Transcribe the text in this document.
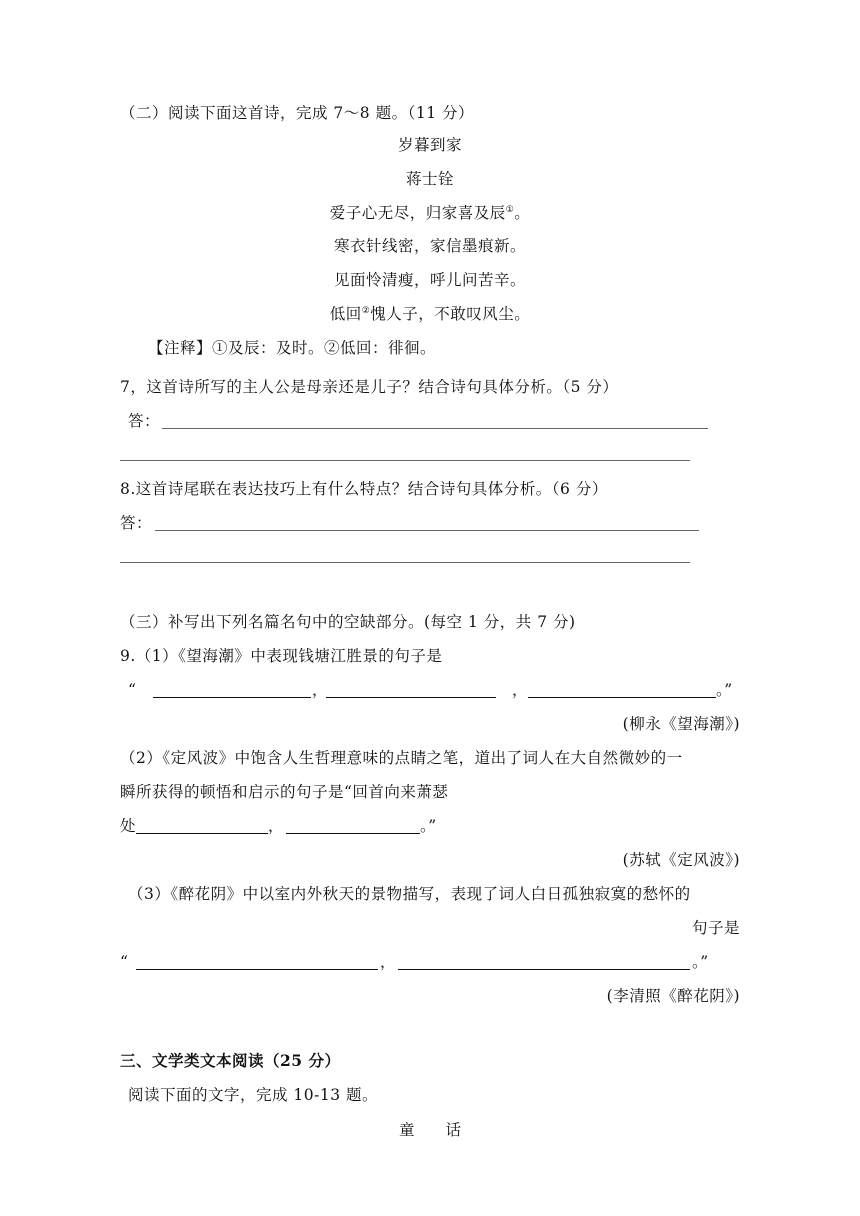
（二）阅读下面这首诗，完成 7～8 题。（11 分）
岁暮到家
蒋士铨
爱子心无尽，归家喜及辰①。
寒衣针线密，家信墨痕新。
见面怜清瘦，呼儿问苦辛。
低回②愧人子，不敢叹风尘。
【注释】①及辰：及时。②低回：徘徊。
7，这首诗所写的主人公是母亲还是儿子？结合诗句具体分析。（5 分）
答：
8.这首诗尾联在表达技巧上有什么特点？结合诗句具体分析。（6 分）
答：
（三）补写出下列名篇名句中的空缺部分。(每空 1 分，共 7 分)
9.（1）《望海潮》中表现钱塘江胜景的句子是
“	，	，	。”
(柳永《望海潮》)
（2）《定风波》中饱含人生哲理意味的点睛之笔，道出了词人在大自然微妙的一
瞬所获得的顿悟和启示的句子是“回首向来萧瑟
处	，	。”
(苏轼《定风波》)
（3）《醉花阴》中以室内外秋天的景物描写，表现了词人白日孤独寂寞的愁怀的
句子是
“	，	。”
(李清照《醉花阴》)
三、文学类文本阅读（25 分）
阅读下面的文字，完成 10-13 题。
童　　话
